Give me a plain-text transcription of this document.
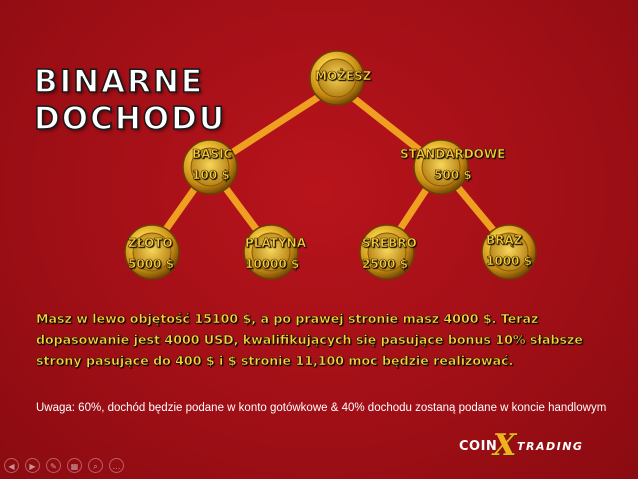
BINARNE
DOCHODU
MOŻESZ
BASIC
100 $
STANDARDOWE
500 $
ZŁOTO
5000 $
PLATYNA
10000 $
SREBRO
2500 $
BRĄZ
1000 $

Masz w lewo objętość 15100 $, a po prawej stronie masz 4000 $. Teraz dopasowanie jest 4000 USD, kwalifikujących się pasujące bonus 10% słabsze strony pasujące do 400 $ i $ stronie 11,100 moc będzie realizować.

Uwaga: 60%, dochód będzie podane w konto gotówkowe & 40% dochodu zostaną podane w koncie handlowym

COIN
X TRADING
◀	▶	✎	▦	⌕	…
